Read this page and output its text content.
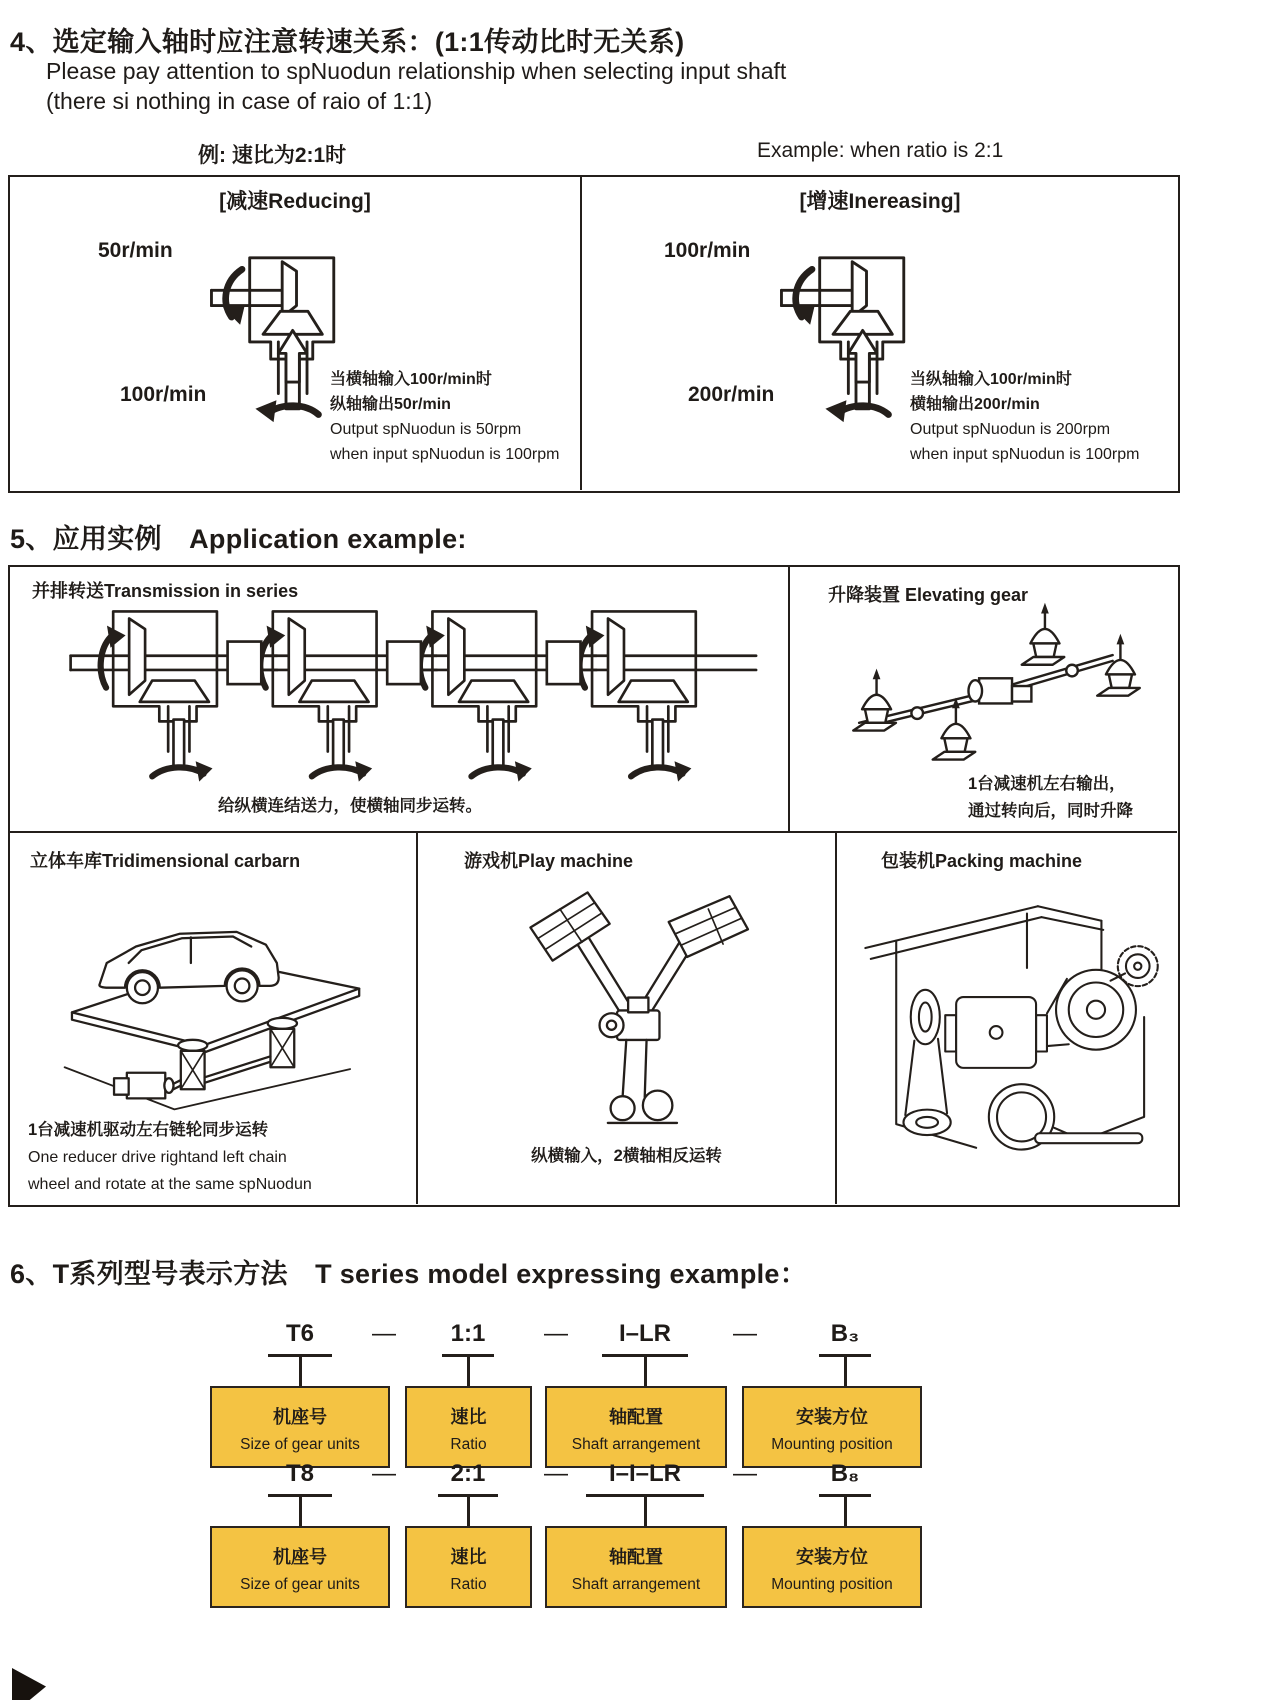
4、选定输入轴时应注意转速关系：(1:1传动比时无关系)
Please pay attention to spNuodun relationship when selecting input shaft
(there si nothing in case of raio of 1:1)
例: 速比为2:1时	Example: when ratio is 2:1
[减速Reducing]
50r/min
100r/min
当横轴输入100r/min时
纵轴输出50r/min
Output spNuodun is 50rpm
when input spNuodun is 100rpm
[增速Inereasing]
100r/min
200r/min
当纵轴输入100r/min时
横轴输出200r/min
Output spNuodun is 200rpm
when input spNuodun is 100rpm
5、应用实例　Application example:
并排转送Transmission in series
给纵横连结送力，使横轴同步运转。
升降装置 Elevating gear
1台减速机左右输出，
通过转向后，同时升降
立体车库Tridimensional carbarn
1台减速机驱动左右链轮同步运转
One reducer drive rightand left chain
wheel and rotate at the same spNuodun
游戏机Play machine
纵横输入，2横轴相反运转
包装机Packing machine
6、T系列型号表示方法　T series model expressing example：
T6	—	1:1	—	I–LR	—	B₃
机座号
Size of gear units
速比
Ratio
轴配置
Shaft arrangement
安装方位
Mounting position
T8	—	2:1	—	I–I–LR	—	B₈
机座号
Size of gear units
速比
Ratio
轴配置
Shaft arrangement
安装方位
Mounting position
